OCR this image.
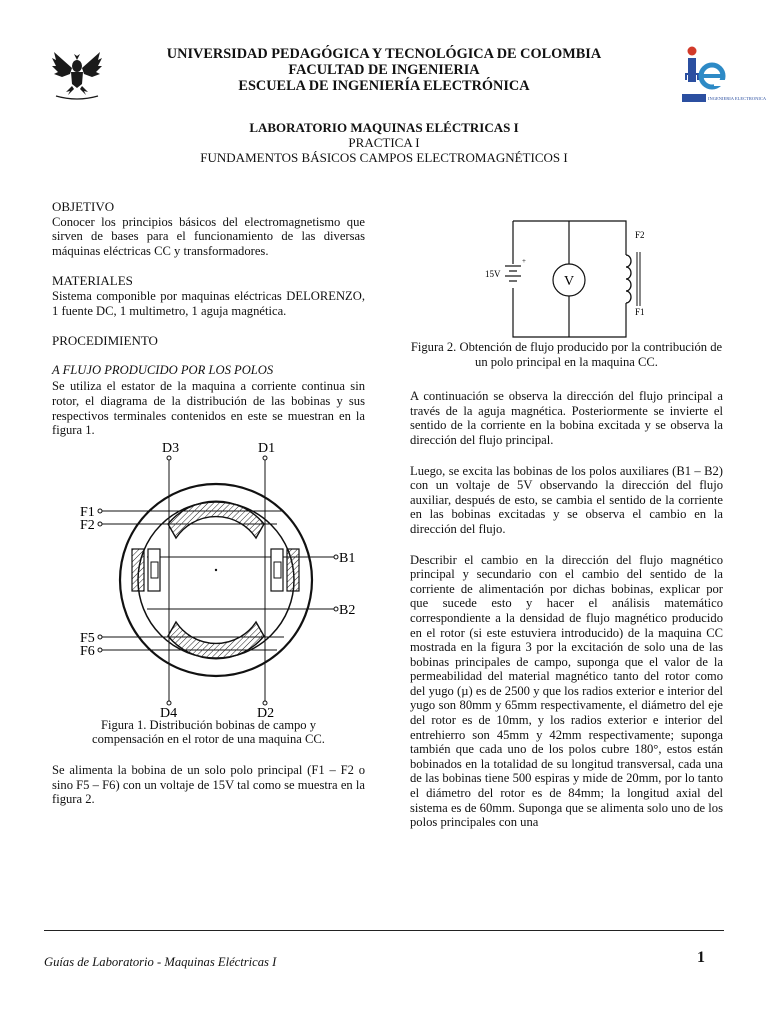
INGENIERIA ELECTRONICA
UNIVERSIDAD PEDAGÓGICA Y TECNOLÓGICA DE COLOMBIA
FACULTAD DE INGENIERIA
ESCUELA DE INGENIERÍA ELECTRÓNICA
LABORATORIO MAQUINAS ELÉCTRICAS I
PRACTICA I
FUNDAMENTOS BÁSICOS CAMPOS ELECTROMAGNÉTICOS I

OBJETIVO

Conocer los principios básicos del electromagnetismo que sirven de bases para el funcionamiento de las diversas máquinas eléctricas CC y transformadores.

MATERIALES

Sistema componible por maquinas eléctricas DELORENZO, 1 fuente DC, 1 multimetro, 1 aguja magnética.

PROCEDIMIENTO

A FLUJO PRODUCIDO POR LOS POLOS

Se utiliza el estator de la maquina a corriente continua sin rotor, el diagrama de la distribución de las bobinas y sus respectivos terminales contenidos en este se muestran en la figura 1.

D3	D1
F1
F2
B1
B2
F5
F6
D4	D2

Figura 1. Distribución bobinas de campo y compensación en el rotor de una maquina CC.

Se alimenta la bobina de un solo polo principal (F1 – F2 o sino F5 – F6) con un voltaje de 15V tal como se muestra en la figura 2.

V
+
15V
F2
F1

Figura 2. Obtención de flujo producido por la contribución de un polo principal en la maquina CC.

A continuación se observa la dirección del flujo principal a través de la aguja magnética. Posteriormente se invierte el sentido de la corriente en la bobina excitada y se observa la dirección del flujo principal.

Luego, se excita las bobinas de los polos auxiliares (B1 – B2) con un voltaje de 5V observando la dirección del flujo auxiliar, después de esto, se cambia el sentido de la corriente en las bobinas excitadas y se observa el cambio en la dirección del flujo.

Describir el cambio en la dirección del flujo magnético principal y secundario con el cambio del sentido de la corriente de alimentación por dichas bobinas, explicar por que sucede esto y hacer el análisis matemático correspondiente a la densidad de flujo magnético producido en el rotor (si este estuviera introducido) de la maquina CC mostrada en la figura 3 por la excitación de solo una de las bobinas principales de campo, suponga que el valor de la permeabilidad del material magnético tanto del rotor como del yugo (µ) es de 2500 y que los radios exterior e interior del yugo son 80mm y 65mm respectivamente, el diámetro del eje del rotor es de 10mm, y los radios exterior e interior del entrehierro son 45mm y 42mm respectivamente; suponga también que cada uno de los polos cubre 180°, estos están bobinados en la totalidad de su longitud transversal, cada una de las bobinas tiene 500 espiras y mide de 20mm, por lo tanto el diámetro del rotor es de 84mm; la longitud axial del sistema es de 60mm. Suponga que se alimenta solo uno de los polos principales con una

Guías de Laboratorio - Maquinas Eléctricas I	1
